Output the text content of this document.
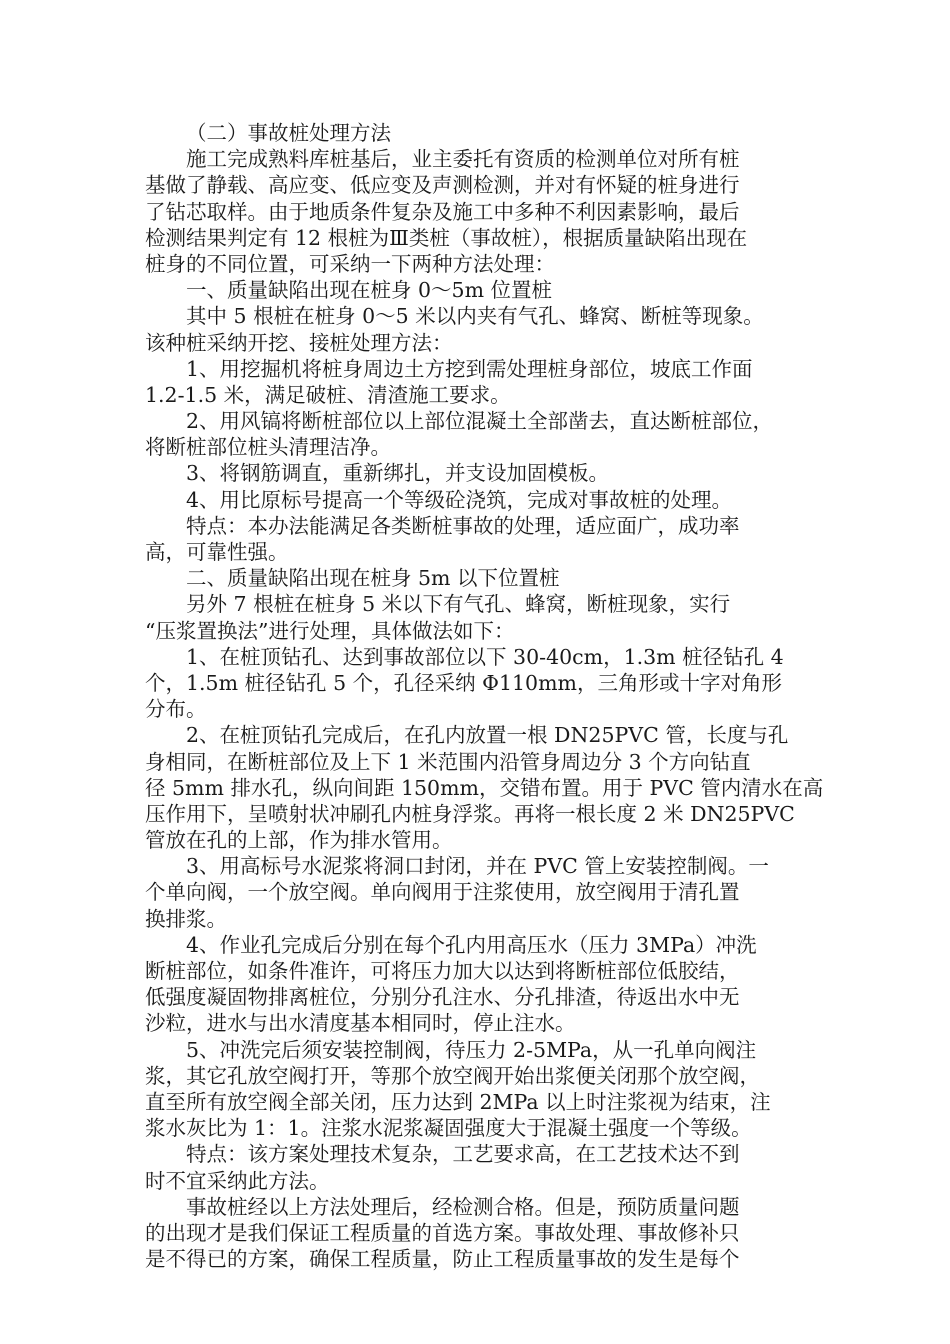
（二）事故桩处理方法
施工完成熟料库桩基后，业主委托有资质的检测单位对所有桩
基做了静载、高应变、低应变及声测检测，并对有怀疑的桩身进行
了钻芯取样。由于地质条件复杂及施工中多种不利因素影响，最后
检测结果判定有 12 根桩为Ⅲ类桩（事故桩），根据质量缺陷出现在
桩身的不同位置，可采纳一下两种方法处理：
一、质量缺陷出现在桩身 0～5m 位置桩
其中 5 根桩在桩身 0～5 米以内夹有气孔、蜂窝、断桩等现象。
该种桩采纳开挖、接桩处理方法：
1、用挖掘机将桩身周边土方挖到需处理桩身部位，坡底工作面
1.2-1.5 米，满足破桩、清渣施工要求。
2、用风镐将断桩部位以上部位混凝土全部凿去，直达断桩部位，
将断桩部位桩头清理洁净。
3、将钢筋调直，重新绑扎，并支设加固模板。
4、用比原标号提高一个等级砼浇筑，完成对事故桩的处理。
特点：本办法能满足各类断桩事故的处理，适应面广，成功率
高，可靠性强。
二、质量缺陷出现在桩身 5m 以下位置桩
另外 7 根桩在桩身 5 米以下有气孔、蜂窝，断桩现象，实行
“压浆置换法”进行处理，具体做法如下：
1、在桩顶钻孔、达到事故部位以下 30-40cm，1.3m 桩径钻孔 4
个，1.5m 桩径钻孔 5 个，孔径采纳 Φ110mm，三角形或十字对角形
分布。
2、在桩顶钻孔完成后，在孔内放置一根 DN25PVC 管，长度与孔
身相同，在断桩部位及上下 1 米范围内沿管身周边分 3 个方向钻直
径 5mm 排水孔，纵向间距 150mm，交错布置。用于 PVC 管内清水在高
压作用下，呈喷射状冲刷孔内桩身浮浆。再将一根长度 2 米 DN25PVC
管放在孔的上部，作为排水管用。
3、用高标号水泥浆将洞口封闭，并在 PVC 管上安装控制阀。一
个单向阀，一个放空阀。单向阀用于注浆使用，放空阀用于清孔置
换排浆。
4、作业孔完成后分别在每个孔内用高压水（压力 3MPa）冲洗
断桩部位，如条件准许，可将压力加大以达到将断桩部位低胶结，
低强度凝固物排离桩位，分别分孔注水、分孔排渣，待返出水中无
沙粒，进水与出水清度基本相同时，停止注水。
5、冲洗完后须安装控制阀，待压力 2-5MPa，从一孔单向阀注
浆，其它孔放空阀打开，等那个放空阀开始出浆便关闭那个放空阀，
直至所有放空阀全部关闭，压力达到 2MPa 以上时注浆视为结束，注
浆水灰比为 1：1。注浆水泥浆凝固强度大于混凝土强度一个等级。
特点：该方案处理技术复杂，工艺要求高，在工艺技术达不到
时不宜采纳此方法。
事故桩经以上方法处理后，经检测合格。但是，预防质量问题
的出现才是我们保证工程质量的首选方案。事故处理、事故修补只
是不得已的方案，确保工程质量，防止工程质量事故的发生是每个
